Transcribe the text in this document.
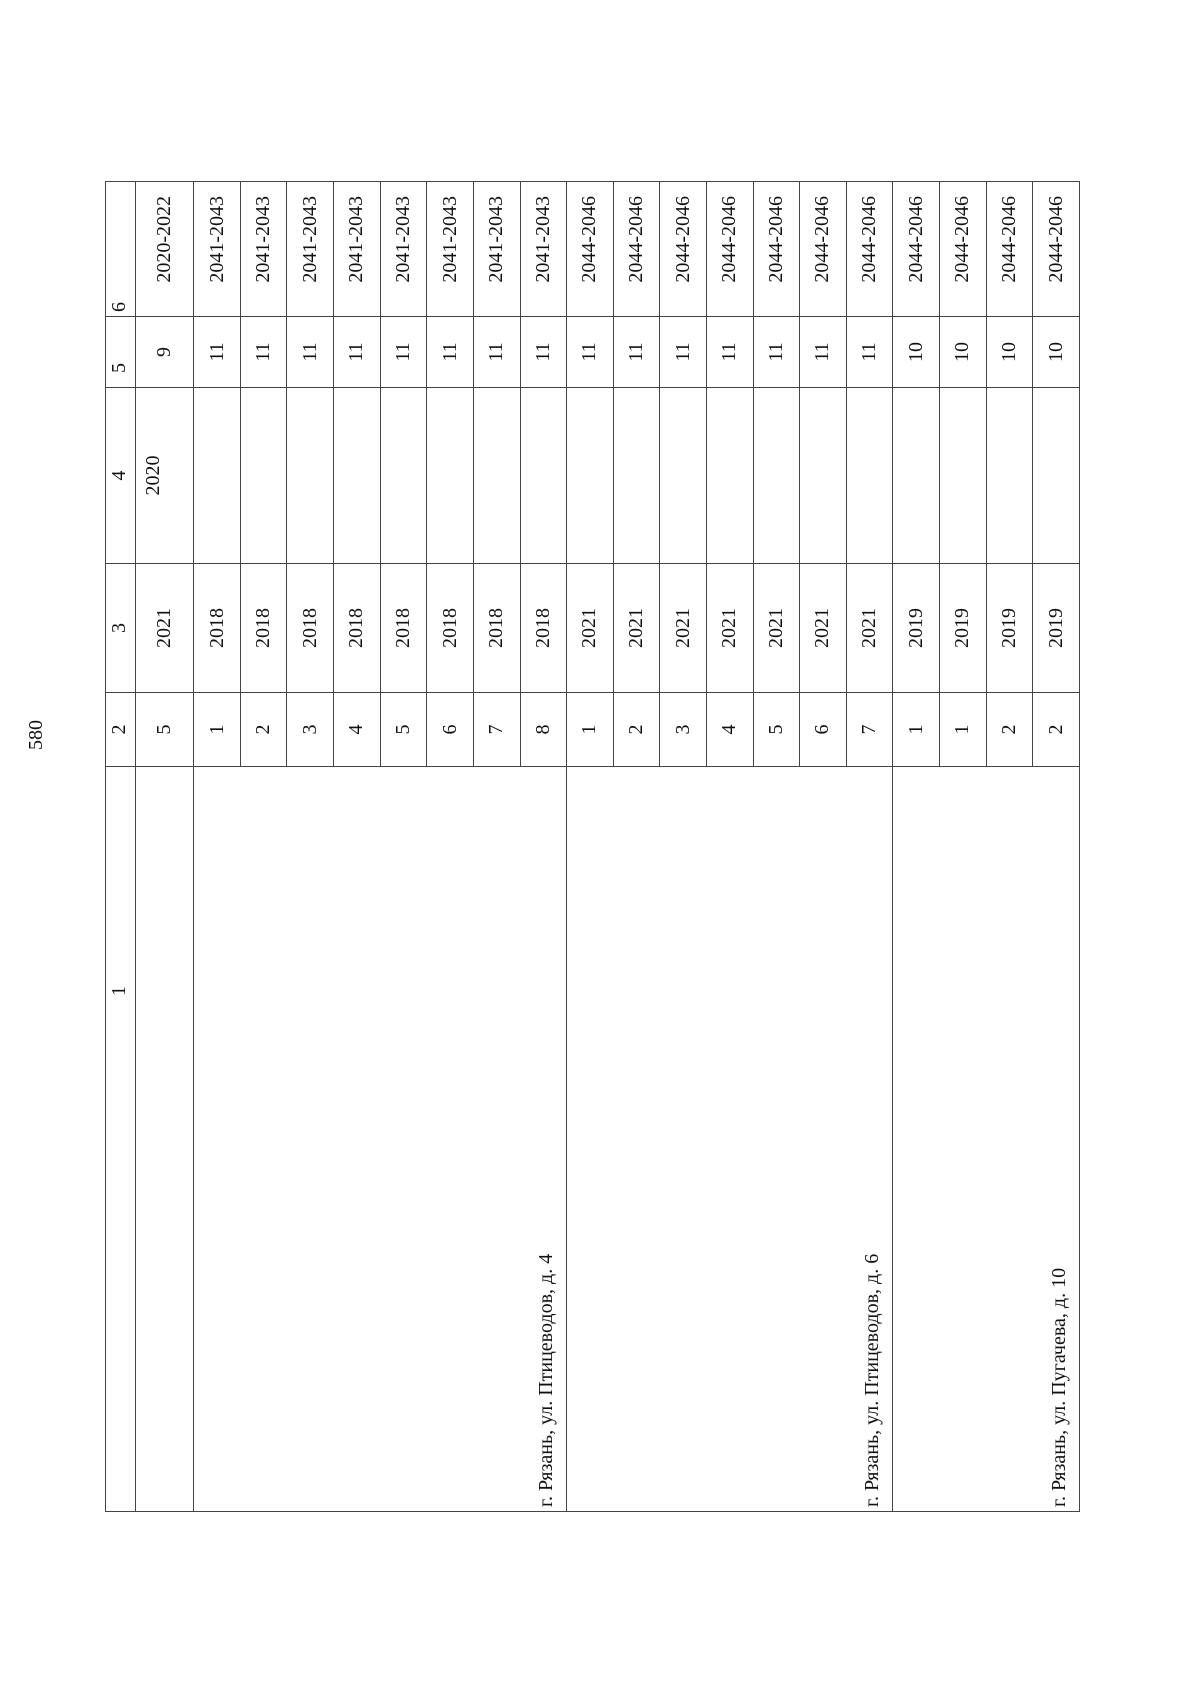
580
1	2	3	4	5	6
	5	2021	2020	9	2020-2022
г. Рязань, ул. Птицеводов, д. 4	1	2018		11	2041-2043
	2	2018		11	2041-2043
	3	2018		11	2041-2043
	4	2018		11	2041-2043
	5	2018		11	2041-2043
	6	2018		11	2041-2043
	7	2018		11	2041-2043
	8	2018		11	2041-2043
г. Рязань, ул. Птицеводов, д. 6	1	2021		11	2044-2046
	2	2021		11	2044-2046
	3	2021		11	2044-2046
	4	2021		11	2044-2046
	5	2021		11	2044-2046
	6	2021		11	2044-2046
	7	2021		11	2044-2046
г. Рязань, ул. Пугачева, д. 10	1	2019		10	2044-2046
	1	2019		10	2044-2046
	2	2019		10	2044-2046
	2	2019		10	2044-2046
